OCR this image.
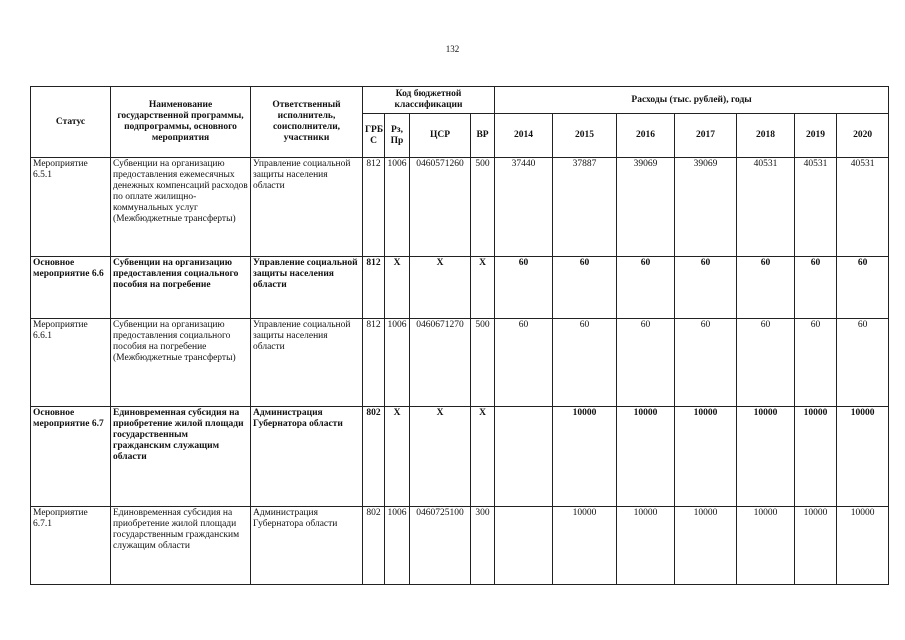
132
Статус	Наименование государственной программы, подпрограммы, основного мероприятия	Ответственный исполнитель, соисполнители, участники	Код бюджетной классификации				Расходы (тыс. рублей), годы						
			ГРБ С	Рз, Пр	ЦСР	ВР	2014	2015	2016	2017	2018	2019	2020
Мероприятие 6.5.1	Субвенции на организацию предоставления ежемесячных денежных компенсаций расходов по оплате жилищно-коммунальных услуг (Межбюджетные трансферты)	Управление социальной защиты населения области	812	1006	0460571260	500	37440	37887	39069	39069	40531	40531	40531
Основное мероприятие 6.6	Субвенции на организацию предоставления социального пособия на погребение	Управление социальной защиты населения области	812	Х	Х	Х	60	60	60	60	60	60	60
Мероприятие 6.6.1	Субвенции на организацию предоставления социального пособия на погребение (Межбюджетные трансферты)	Управление социальной защиты населения области	812	1006	0460671270	500	60	60	60	60	60	60	60
Основное мероприятие 6.7	Единовременная субсидия на приобретение жилой площади государственным гражданским служащим области	Администрация Губернатора области	802	Х	Х	Х		10000	10000	10000	10000	10000	10000
Мероприятие 6.7.1	Единовременная субсидия на приобретение жилой площади государственным гражданским служащим области	Администрация Губернатора области	802	1006	0460725100	300		10000	10000	10000	10000	10000	10000
